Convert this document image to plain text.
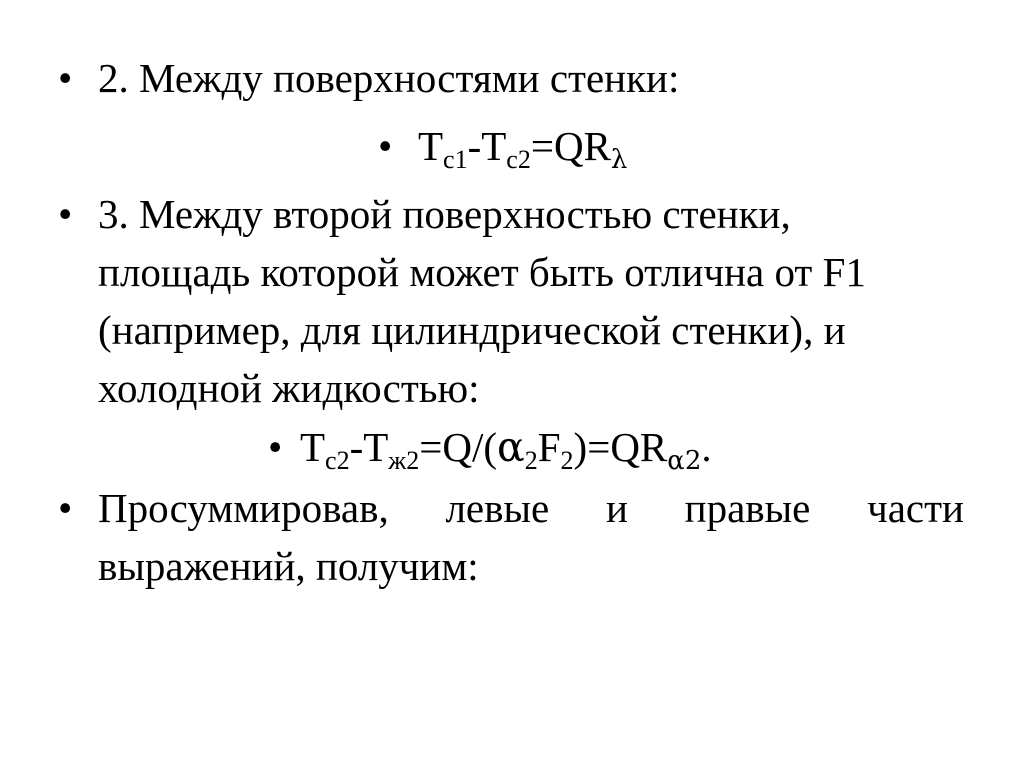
• 2. Между поверхностями стенки:
• $T_{c1}-T_{c2}=QR_\lambda$
• 3. Между второй поверхностью стенки,
площадь которой может быть отлична от F1
(например, для цилиндрической стенки), и
холодной жидкостью:
• $T_{c2}-T_{ж2}=Q/(\alpha_2F_2)=QR_{\alpha 2}$.
• Просуммировав, левые и правые части
выражений, получим:
